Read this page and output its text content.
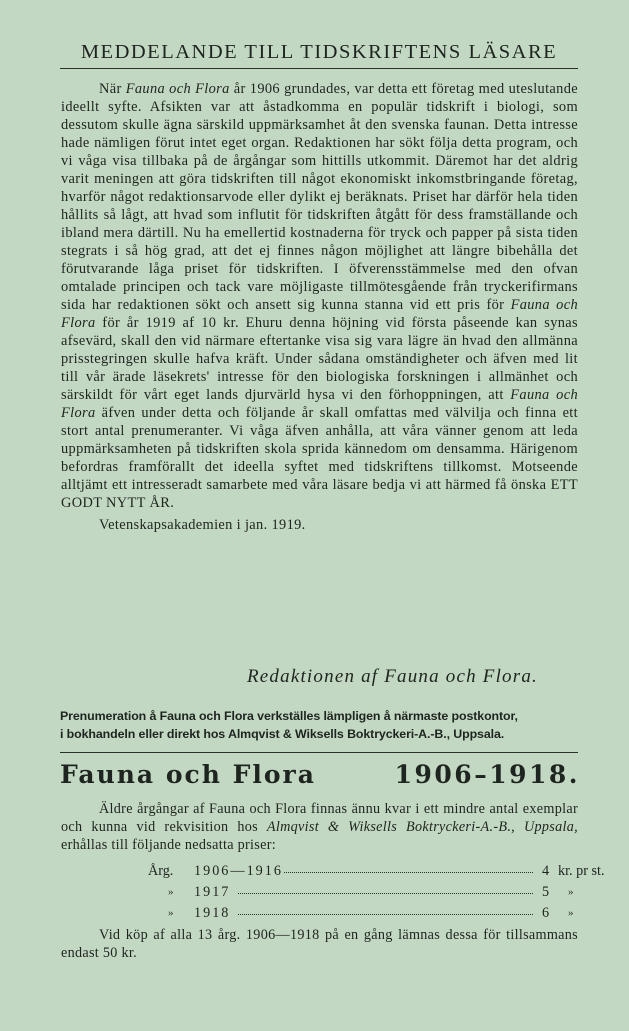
MEDDELANDE TILL TIDSKRIFTENS LÄSARE

När Fauna och Flora år 1906 grundades, var detta ett företag med uteslutande ideellt syfte. Afsikten var att åstadkomma en populär tidskrift i biologi, som dessutom skulle ägna särskild uppmärksamhet åt den svenska faunan. Detta intresse hade nämligen förut intet eget organ. Redaktionen har sökt följa detta program, och vi våga visa tillbaka på de årgångar som hittills utkommit. Däremot har det aldrig varit meningen att göra tidskriften till något ekonomiskt inkomstbringande företag, hvarför något redaktionsarvode eller dylikt ej beräknats. Priset har därför hela tiden hållits så lågt, att hvad som influtit för tidskriften åtgått för dess framställande och ibland mera därtill. Nu ha emellertid kostnaderna för tryck och papper på sista tiden stegrats i så hög grad, att det ej finnes någon möjlighet att längre bibehålla det förutvarande låga priset för tidskriften. I öfverensstämmelse med den ofvan omtalade principen och tack vare möjligaste tillmötesgående från tryckerifirmans sida har redaktionen sökt och ansett sig kunna stanna vid ett pris för Fauna och Flora för år 1919 af 10 kr. Ehuru denna höjning vid första påseende kan synas afsevärd, skall den vid närmare eftertanke visa sig vara lägre än hvad den allmänna prisstegringen skulle hafva kräft. Under sådana omständigheter och äfven med lit till vår ärade läsekrets' intresse för den biologiska forskningen i allmänhet och särskildt för vårt eget lands djurvärld hysa vi den förhoppningen, att Fauna och Flora äfven under detta och följande år skall omfattas med välvilja och finna ett stort antal prenumeranter. Vi våga äfven anhålla, att våra vänner genom att leda uppmärksamheten på tidskriften skola sprida kännedom om densamma. Härigenom befordras framförallt det ideella syftet med tidskriftens tillkomst. Motseende alltjämt ett intresseradt samarbete med våra läsare bedja vi att härmed få önska ETT GODT NYTT ÅR.

Vetenskapsakademien i jan. 1919.

Redaktionen af Fauna och Flora.
Prenumeration å Fauna och Flora verkställes lämpligen å närmaste postkontor,
i bokhandeln eller direkt hos Almqvist & Wiksells Boktryckeri-A.-B., Uppsala.
Fauna och Flora	1906–1918.
Äldre årgångar af Fauna och Flora finnas ännu kvar i ett mindre antal exemplar och kunna vid rekvisition hos Almqvist & Wiksells Boktryckeri-A.-B., Uppsala, erhållas till följande nedsatta priser:
Årg.	1906—1916	4 kr. pr st.
»	1917	5 »
»	1918	6 »
Vid köp af alla 13 årg. 1906—1918 på en gång lämnas dessa för tillsammans endast 50 kr.
